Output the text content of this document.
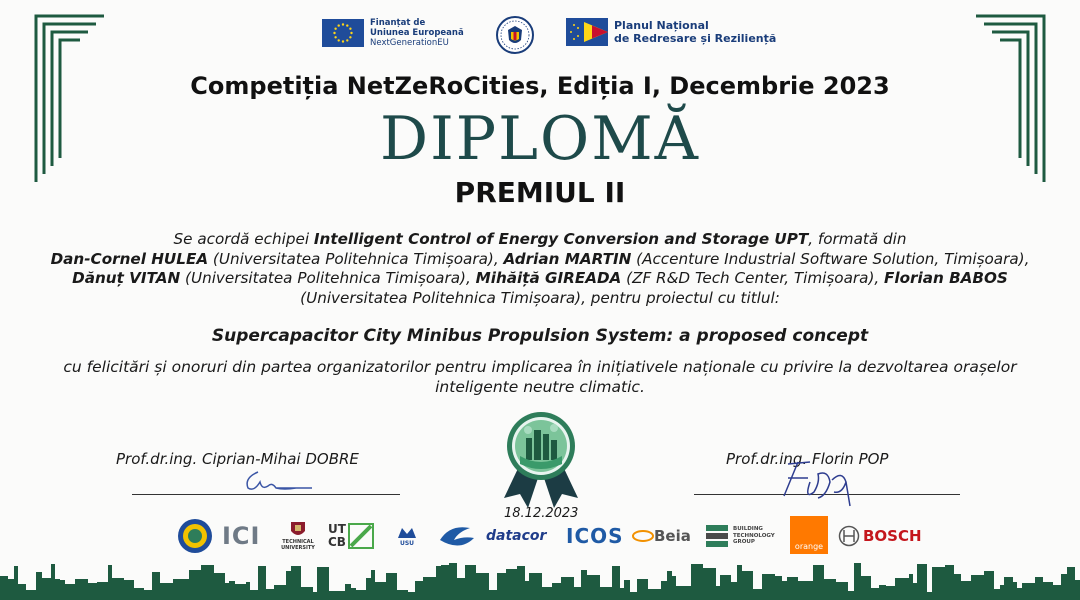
Finanțat de
Uniunea Europeană
NextGenerationEU
Planul Național
de Redresare și Reziliență
Competiția NetZeRoCities, Ediția I, Decembrie 2023
DIPLOMĂ
PREMIUL II
Se acordă echipei Intelligent Control of Energy Conversion and Storage UPT, formată din
Dan-Cornel HULEA (Universitatea Politehnica Timișoara), Adrian MARTIN (Accenture Industrial Software Solution, Timișoara), Dănuț VITAN (Universitatea Politehnica Timișoara), Mihăiță GIREADA (ZF R&D Tech Center, Timișoara), Florian BABOS (Universitatea Politehnica Timișoara), pentru proiectul cu titlul:
Supercapacitor City Minibus Propulsion System: a proposed concept
cu felicitări și onoruri din partea organizatorilor pentru implicarea în inițiativele naționale cu privire la dezvoltarea orașelor inteligente neutre climatic.
Prof.dr.ing. Ciprian-Mihai DOBRE	Prof.dr.ing. Florin POP
18.12.2023
ICI	TECHNICAL
UNIVERSITY
UT
CB	USU	datacor ICOS Beia	BUILDING
TECHNOLOGY
GROUP	orange
BOSCH
